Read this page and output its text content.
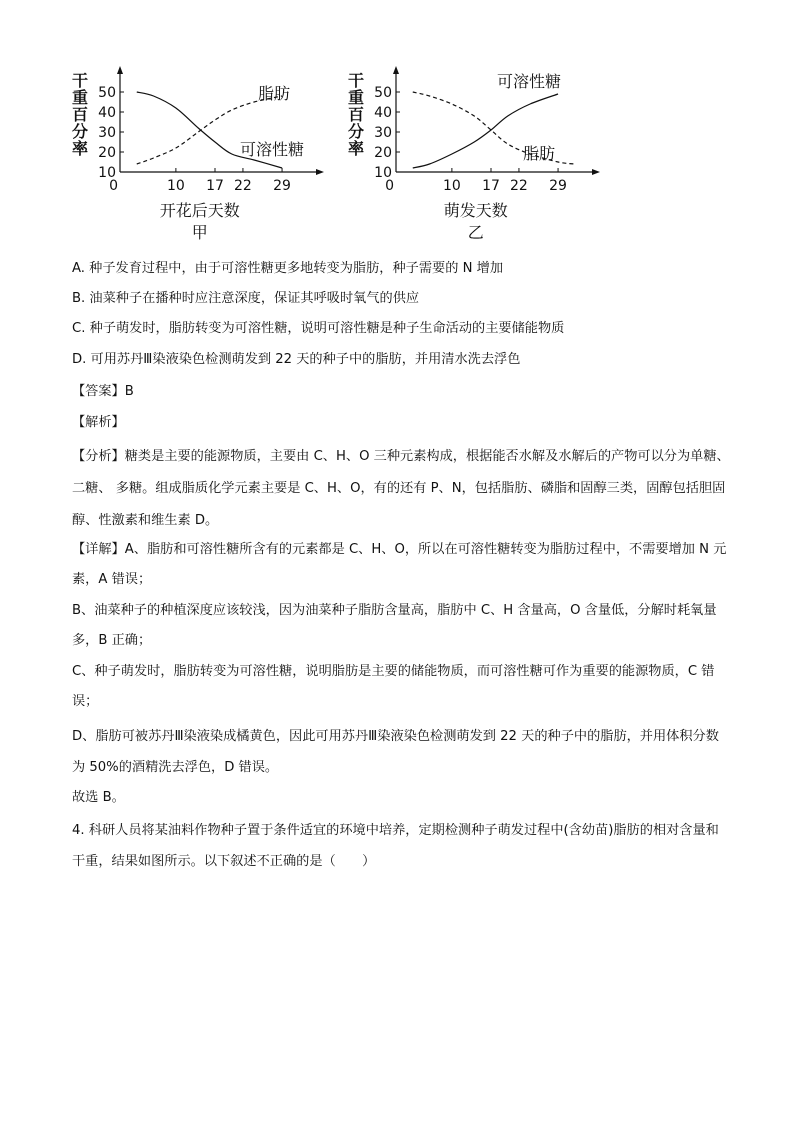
10
20
30
40
50
0	10 17 22 29
干
重
百
分
率
开花后天数
甲
脂肪
可溶性糖
10
20
30
40
50
0	10 17 22 29
干
重
百
分
率
萌发天数
乙
可溶性糖
脂肪
A. 种子发育过程中，由于可溶性糖更多地转变为脂肪，种子需要的 N 增加
B. 油菜种子在播种时应注意深度，保证其呼吸时氧气的供应
C. 种子萌发时，脂肪转变为可溶性糖，说明可溶性糖是种子生命活动的主要储能物质
D. 可用苏丹Ⅲ染液染色检测萌发到 22 天的种子中的脂肪，并用清水洗去浮色
【答案】B
【解析】
【分析】糖类是主要的能源物质，主要由 C、H、O 三种元素构成，根据能否水解及水解后的产物可以分为单糖、二糖、 多糖。组成脂质化学元素主要是 C、H、O，有的还有 P、N，包括脂肪、磷脂和固醇三类，固醇包括胆固醇、性激素和维生素 D。
【详解】A、脂肪和可溶性糖所含有的元素都是 C、H、O，所以在可溶性糖转变为脂肪过程中，不需要增加 N 元素，A 错误；
B、油菜种子的种植深度应该较浅，因为油菜种子脂肪含量高，脂肪中 C、H 含量高，O 含量低，分解时耗氧量多，B 正确；
C、种子萌发时，脂肪转变为可溶性糖，说明脂肪是主要的储能物质，而可溶性糖可作为重要的能源物质，C 错误；
D、脂肪可被苏丹Ⅲ染液染成橘黄色，因此可用苏丹Ⅲ染液染色检测萌发到 22 天的种子中的脂肪，并用体积分数为 50%的酒精洗去浮色，D 错误。
故选 B。
4. 科研人员将某油料作物种子置于条件适宜的环境中培养，定期检测种子萌发过程中(含幼苗)脂肪的相对含量和干重，结果如图所示。以下叙述不正确的是（　　）
